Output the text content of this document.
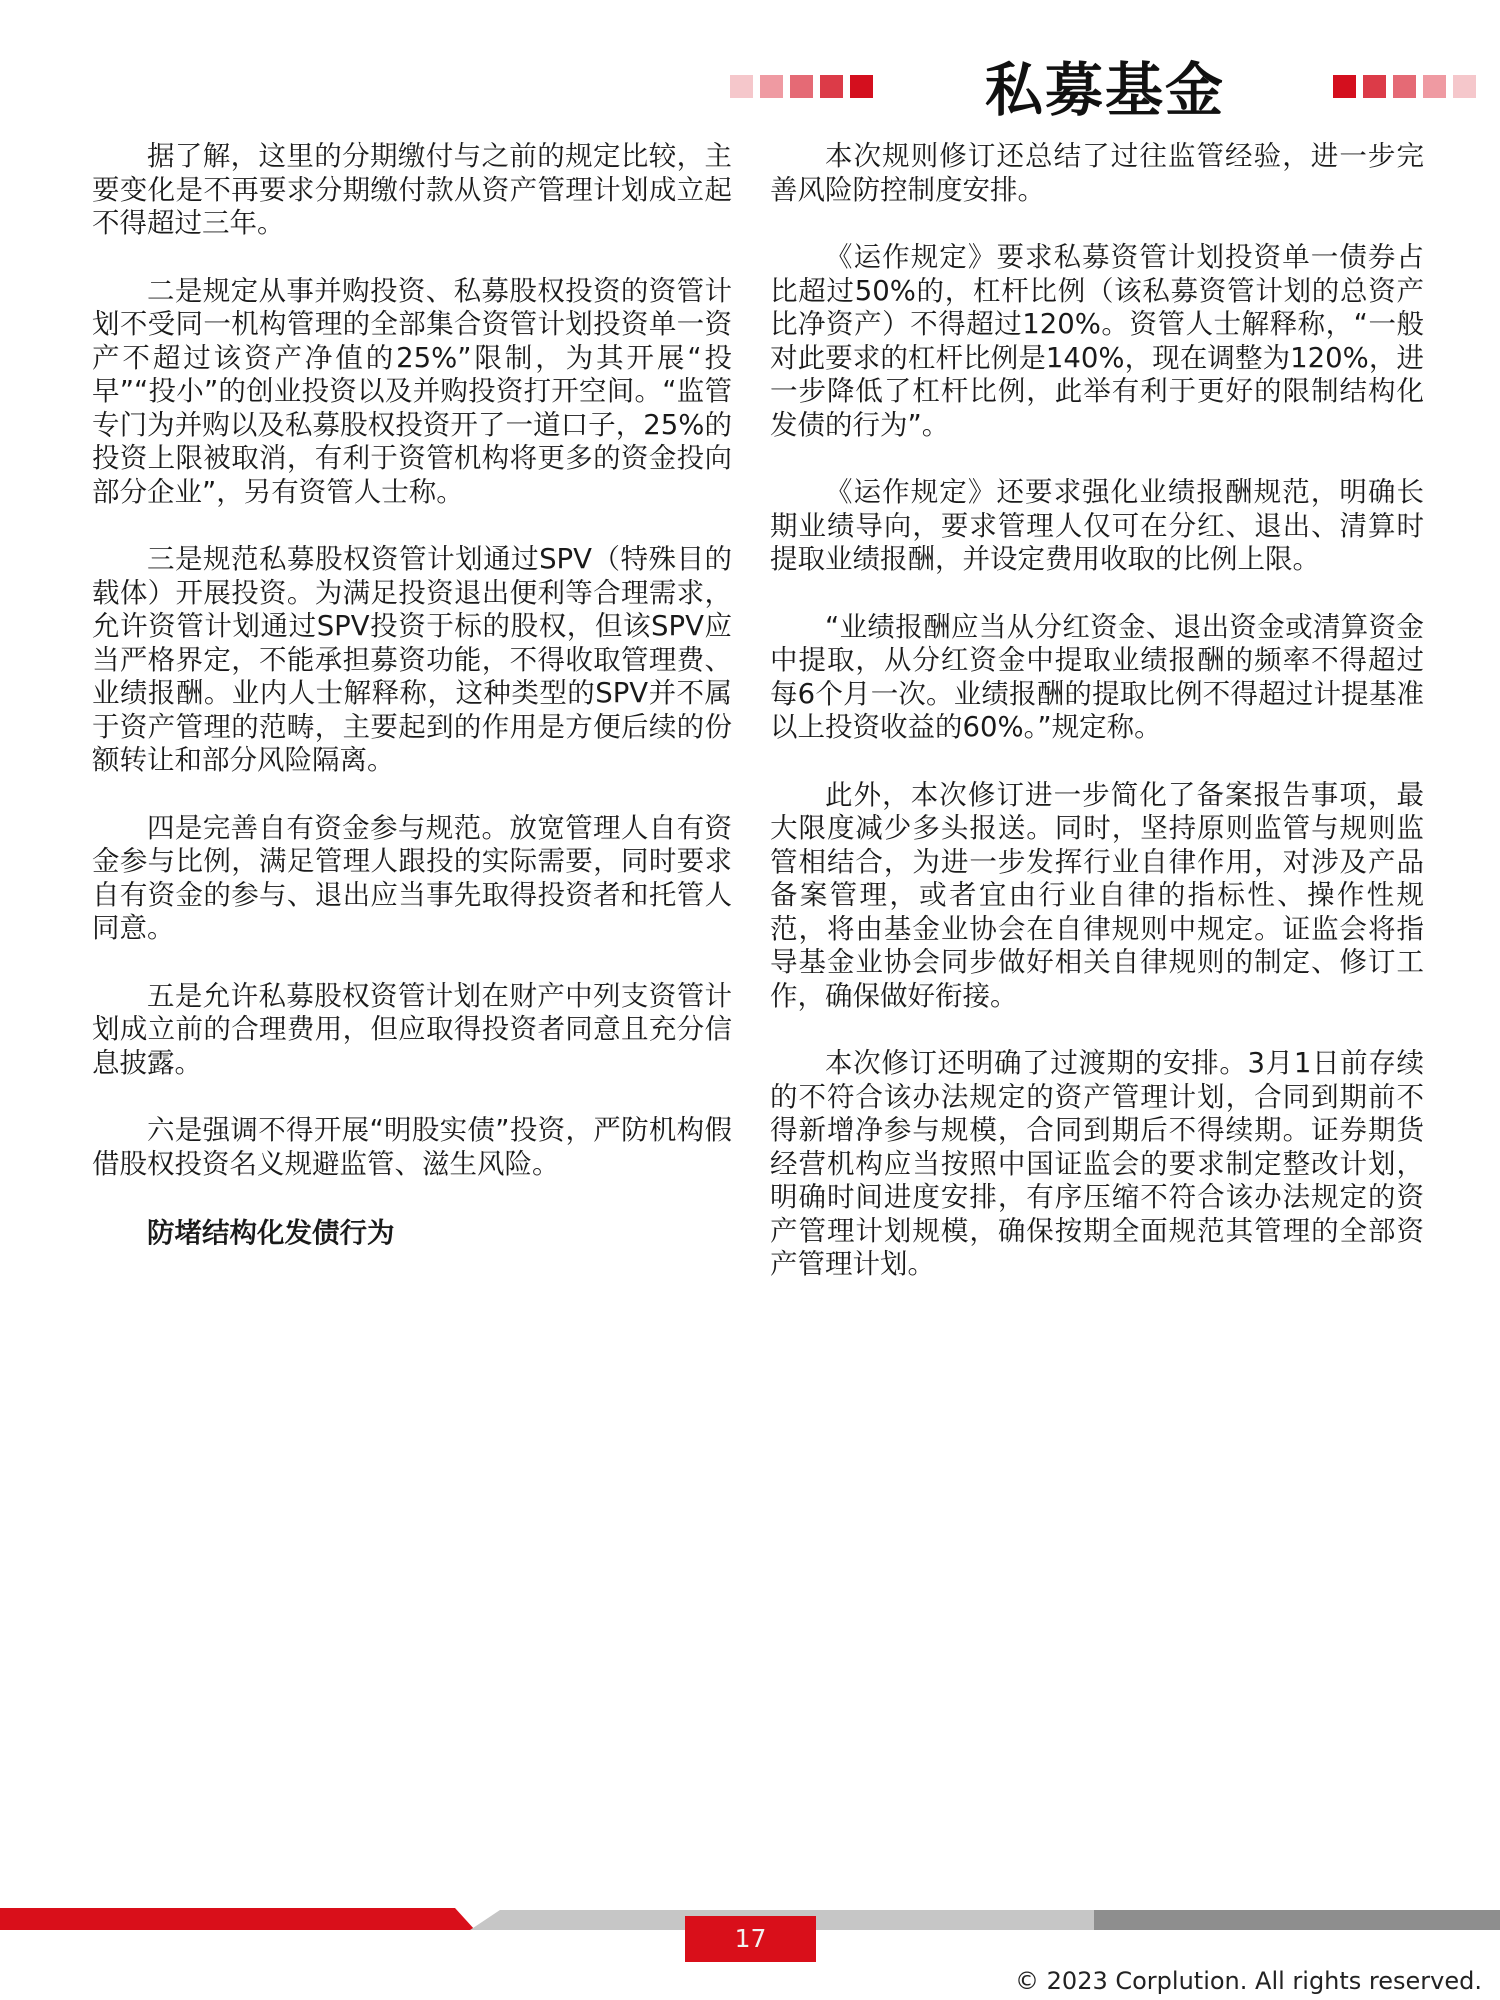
私募基金

据了解，这里的分期缴付与之前的规定比较，主要变化是不再要求分期缴付款从资产管理计划成立起不得超过三年。

二是规定从事并购投资、私募股权投资的资管计划不受同一机构管理的全部集合资管计划投资单一资产不超过该资产净值的25%”限制，为其开展“投早”“投小”的创业投资以及并购投资打开空间。“监管专门为并购以及私募股权投资开了一道口子，25%的投资上限被取消，有利于资管机构将更多的资金投向部分企业”，另有资管人士称。

三是规范私募股权资管计划通过SPV（特殊目的载体）开展投资。为满足投资退出便利等合理需求，允许资管计划通过SPV投资于标的股权，但该SPV应当严格界定，不能承担募资功能，不得收取管理费、业绩报酬。业内人士解释称，这种类型的SPV并不属于资产管理的范畴，主要起到的作用是方便后续的份额转让和部分风险隔离。

四是完善自有资金参与规范。放宽管理人自有资金参与比例，满足管理人跟投的实际需要，同时要求自有资金的参与、退出应当事先取得投资者和托管人同意。

五是允许私募股权资管计划在财产中列支资管计划成立前的合理费用，但应取得投资者同意且充分信息披露。

六是强调不得开展“明股实债”投资，严防机构假借股权投资名义规避监管、滋生风险。

防堵结构化发债行为

本次规则修订还总结了过往监管经验，进一步完善风险防控制度安排。

《运作规定》要求私募资管计划投资单一债券占比超过50%的，杠杆比例（该私募资管计划的总资产比净资产）不得超过120%。资管人士解释称，“一般对此要求的杠杆比例是140%，现在调整为120%，进一步降低了杠杆比例，此举有利于更好的限制结构化发债的行为”。

《运作规定》还要求强化业绩报酬规范，明确长期业绩导向，要求管理人仅可在分红、退出、清算时提取业绩报酬，并设定费用收取的比例上限。

“业绩报酬应当从分红资金、退出资金或清算资金中提取，从分红资金中提取业绩报酬的频率不得超过每6个月一次。业绩报酬的提取比例不得超过计提基准以上投资收益的60%。”规定称。

此外，本次修订进一步简化了备案报告事项，最大限度减少多头报送。同时，坚持原则监管与规则监管相结合，为进一步发挥行业自律作用，对涉及产品备案管理，或者宜由行业自律的指标性、操作性规范，将由基金业协会在自律规则中规定。证监会将指导基金业协会同步做好相关自律规则的制定、修订工作，确保做好衔接。

本次修订还明确了过渡期的安排。3月1日前存续的不符合该办法规定的资产管理计划，合同到期前不得新增净参与规模，合同到期后不得续期。证券期货经营机构应当按照中国证监会的要求制定整改计划，明确时间进度安排，有序压缩不符合该办法规定的资产管理计划规模，确保按期全面规范其管理的全部资产管理计划。

17
© 2023 Corplution. All rights reserved.
